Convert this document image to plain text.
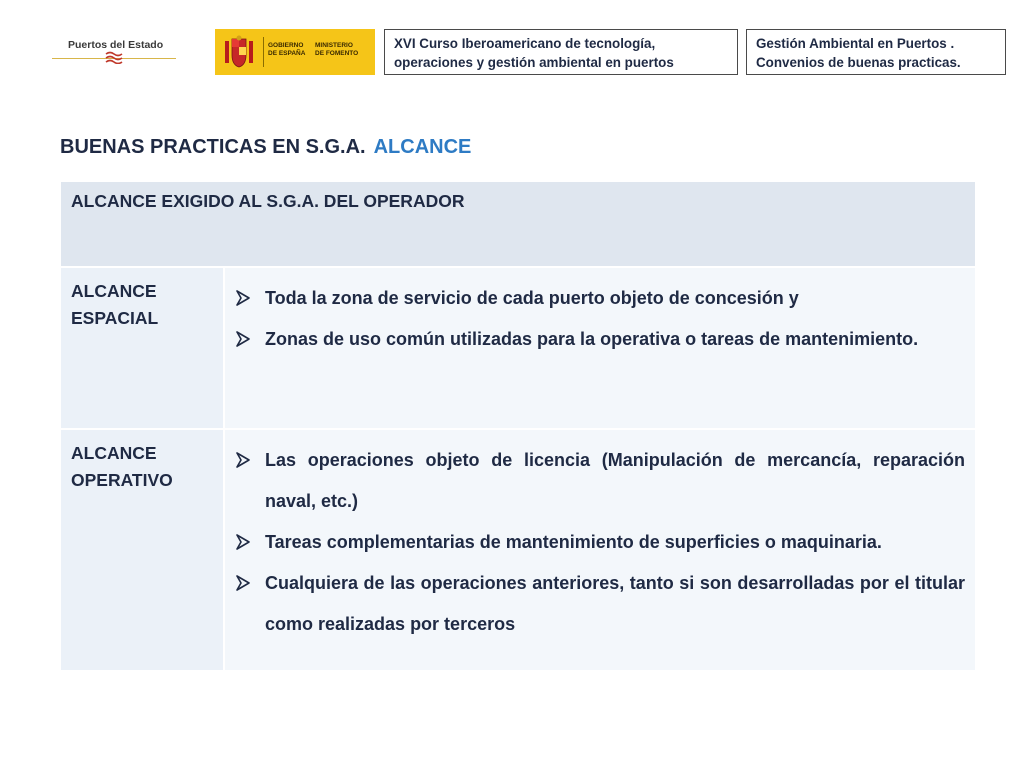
Puertos del Estado	GOBIERNO
DE ESPAÑA
MINISTERIO
DE FOMENTO
XVI Curso Iberoamericano de tecnología,
operaciones y gestión ambiental en puertos
Gestión Ambiental en Puertos .
Convenios de buenas practicas.
BUENAS PRACTICAS EN S.G.A. ALCANCE
ALCANCE EXIGIDO AL S.G.A. DEL OPERADOR
ALCANCE
ESPACIAL
Toda la zona de servicio de cada puerto objeto de concesión y
Zonas de uso común utilizadas para la operativa o tareas de mantenimiento.
ALCANCE
OPERATIVO
Las operaciones objeto de licencia (Manipulación de mercancía, reparación naval, etc.)
Tareas complementarias de mantenimiento de superficies o maquinaria.
Cualquiera de las operaciones anteriores, tanto si son desarrolladas por el titular como realizadas por terceros
